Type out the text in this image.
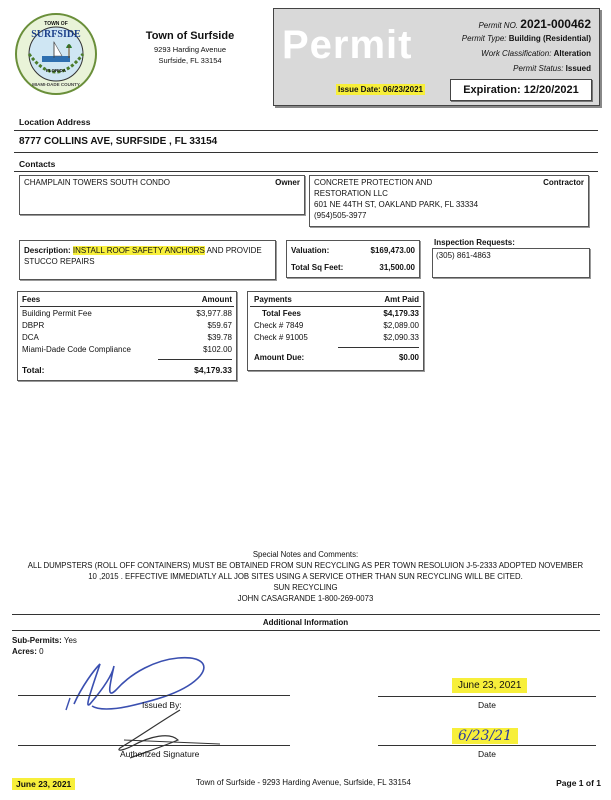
TOWN OF
SURFSIDE
FLORIDA
MIAMI-DADE COUNTY
Town of Surfside
9293 Harding Avenue
Surfside, FL 33154	Permit	Permit NO. 2021-000462
Permit Type: Building (Residential)
Work Classification: Alteration
Permit Status: Issued
Issue Date: 06/23/2021	Expiration: 12/20/2021
Location Address
8777 COLLINS AVE, SURFSIDE , FL 33154
Contacts
CHAMPLAIN TOWERS SOUTH CONDO	Owner CONCRETE PROTECTION AND
RESTORATION LLC
601 NE 44TH ST, OAKLAND PARK, FL 33334
(954)505-3977
Contractor
Description: INSTALL ROOF SAFETY ANCHORS AND PROVIDE STUCCO REPAIRS
Valuation:	$169,473.00
Total Sq Feet:	31,500.00
Inspection Requests:
(305) 861-4863
Fees	Amount
Building Permit Fee	$3,977.88
DBPR	$59.67
DCA	$39.78
Miami-Dade Code Compliance	$102.00
Total:	$4,179.33
Payments	Amt Paid
Total Fees	$4,179.33
Check # 7849	$2,089.00
Check # 91005	$2,090.33
Amount Due:	$0.00
Special Notes and Comments:
ALL DUMPSTERS (ROLL OFF CONTAINERS) MUST BE OBTAINED FROM SUN RECYCLING AS PER TOWN RESOLUION J-5-2333 ADOPTED NOVEMBER
10 ,2015 . EFFECTIVE IMMEDIATLY ALL JOB SITES USING A SERVICE OTHER THAN SUN RECYCLING WILL BE CITED.
SUN RECYCLING
JOHN CASAGRANDE 1-800-269-0073
Additional Information
Sub-Permits: Yes
Acres: 0
Issued By:
June 23, 2021
Date
Authorized Signature
6/23/21
Date
June 23, 2021	Town of Surfside - 9293 Harding Avenue, Surfside, FL 33154	Page 1 of 1
